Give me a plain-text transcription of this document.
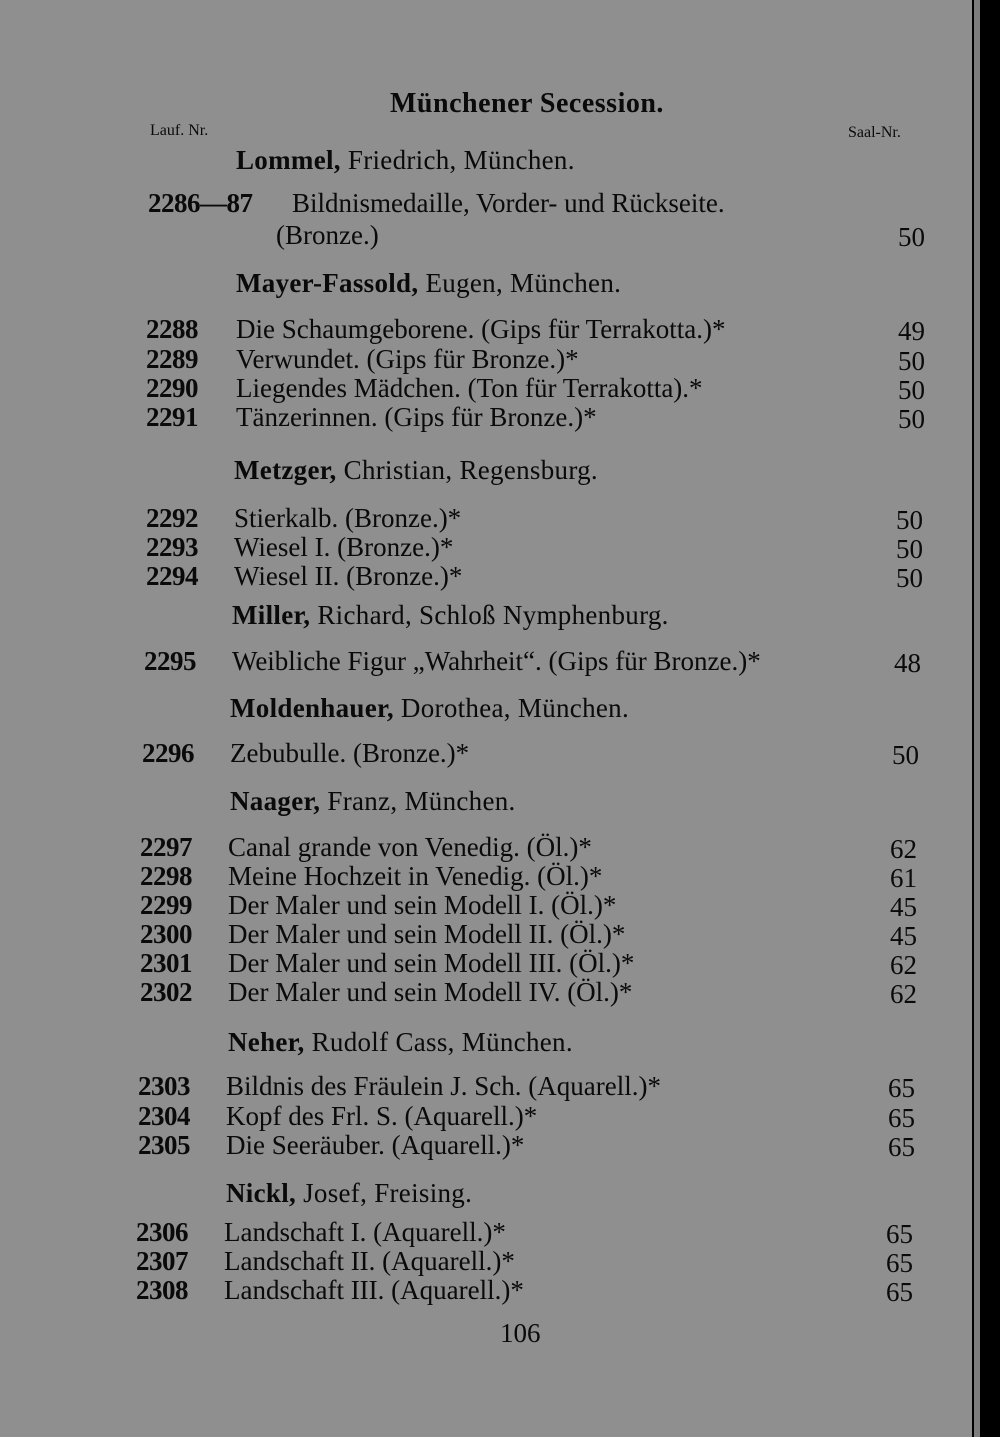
Münchener Secession.
Lauf. Nr.	Saal-Nr.
Lommel, Friedrich, München.
2286—87 Bildnismedaille, Vorder- und Rückseite.
(Bronze.)	50
Mayer-Fassold, Eugen, München.
2288 Die Schaumgeborene. (Gips für Terrakotta.)*	49
2289 Verwundet. (Gips für Bronze.)*	50
2290 Liegendes Mädchen. (Ton für Terrakotta).*	50
2291 Tänzerinnen. (Gips für Bronze.)*	50
Metzger, Christian, Regensburg.
2292 Stierkalb. (Bronze.)*	50
2293 Wiesel I. (Bronze.)*	50
2294 Wiesel II. (Bronze.)*	50
Miller, Richard, Schloß Nymphenburg.
2295 Weibliche Figur „Wahrheit“. (Gips für Bronze.)*	48
Moldenhauer, Dorothea, München.
2296 Zebubulle. (Bronze.)*	50
Naager, Franz, München.
2297 Canal grande von Venedig. (Öl.)*	62
2298 Meine Hochzeit in Venedig. (Öl.)*	61
2299 Der Maler und sein Modell I. (Öl.)*	45
2300 Der Maler und sein Modell II. (Öl.)*	45
2301 Der Maler und sein Modell III. (Öl.)*	62
2302 Der Maler und sein Modell IV. (Öl.)*	62
Neher, Rudolf Cass, München.
2303 Bildnis des Fräulein J. Sch. (Aquarell.)*	65
2304 Kopf des Frl. S. (Aquarell.)*	65
2305 Die Seeräuber. (Aquarell.)*	65
Nickl, Josef, Freising.
2306 Landschaft I. (Aquarell.)*	65
2307 Landschaft II. (Aquarell.)*	65
2308 Landschaft III. (Aquarell.)*	65
106
